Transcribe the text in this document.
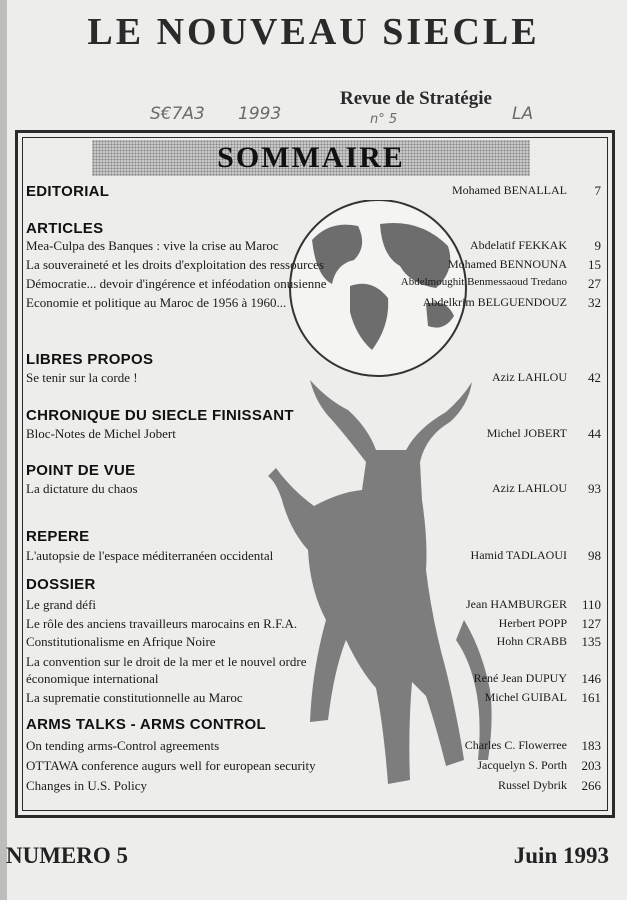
LE NOUVEAU SIECLE
Revue de Stratégie
S€7A3 1993	n° 5	LA
SOMMAIRE
EDITORIAL	Mohamed BENALLAL	7
ARTICLES
Mea-Culpa des Banques : vive la crise au Maroc	Abdelatif FEKKAK	9
La souveraineté et les droits d'exploitation des ressources	Mohamed BENNOUNA	15
Démocratie... devoir d'ingérence et inféodation onusienne	Abdelmoughit Benmessaoud Tredano	27
Economie et politique au Maroc de 1956 à 1960...	Abdelkrim BELGUENDOUZ	32
LIBRES PROPOS
Se tenir sur la corde !	Aziz LAHLOU	42
CHRONIQUE DU SIECLE FINISSANT
Bloc-Notes de Michel Jobert	Michel JOBERT	44
POINT DE VUE
La dictature du chaos	Aziz LAHLOU	93
REPERE
L'autopsie de l'espace méditerranéen occidental	Hamid TADLAOUI	98
DOSSIER
Le grand défi	Jean HAMBURGER	110
Le rôle des anciens travailleurs marocains en R.F.A.	Herbert POPP	127
Constitutionalisme en Afrique Noire	Hohn CRABB	135
La convention sur le droit de la mer et le nouvel ordre
économique international	René Jean DUPUY	146
La suprematie constitutionnelle au Maroc	Michel GUIBAL	161
ARMS TALKS - ARMS CONTROL
On tending arms-Control agreements	Charles C. Flowerree	183
OTTAWA conference augurs well for european security	Jacquelyn S. Porth	203
Changes in U.S. Policy	Russel Dybrik	266
NUMERO 5	Juin 1993
